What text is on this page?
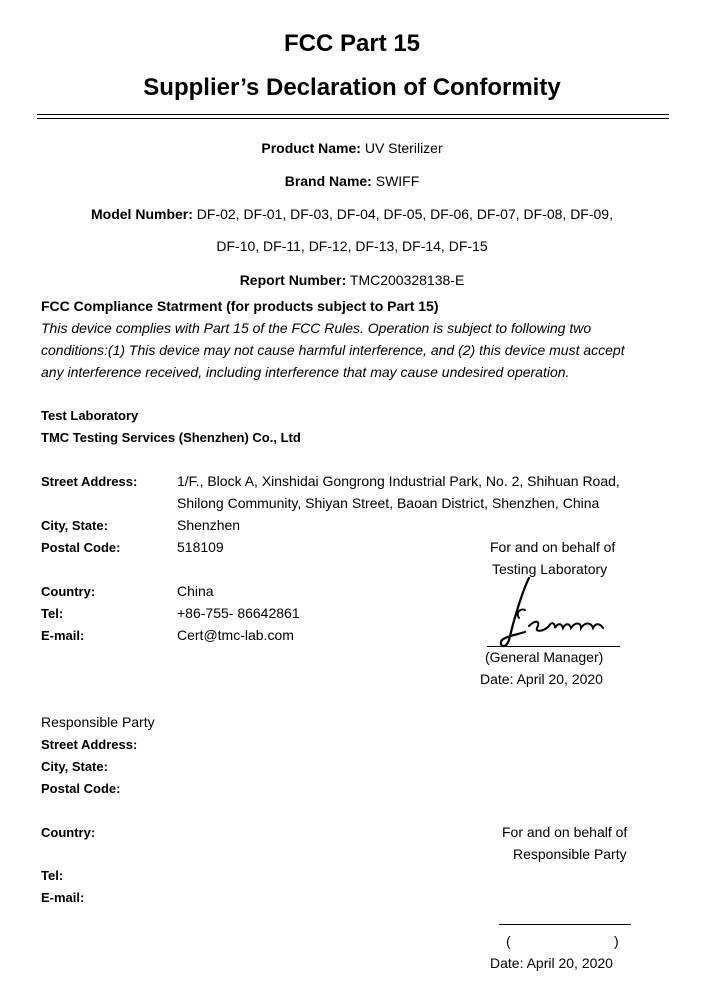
FCC Part 15
Supplier’s Declaration of Conformity
Product Name: UV Sterilizer
Brand Name: SWIFF
Model Number: DF-02, DF-01, DF-03, DF-04, DF-05, DF-06, DF-07, DF-08, DF-09,
DF-10, DF-11, DF-12, DF-13, DF-14, DF-15
Report Number: TMC200328138-E
FCC Compliance Statrment (for products subject to Part 15)
This device complies with Part 15 of the FCC Rules. Operation is subject to following two
conditions:(1) This device may not cause harmful interference, and (2) this device must accept
any interference received, including interference that may cause undesired operation.
Test Laboratory
TMC Testing Services (Shenzhen) Co., Ltd
Street Address:	1/F., Block A, Xinshidai Gongrong Industrial Park, No. 2, Shihuan Road,
Shilong Community, Shiyan Street, Baoan District, Shenzhen, China
City, State:	Shenzhen
Postal Code:	518109
Country:	China
Tel:	+86-755- 86642861
E-mail:	Cert@tmc-lab.com
For and on behalf of
Testing Laboratory
(General Manager)
Date: April 20, 2020
Responsible Party
Street Address:
City, State:
Postal Code:
Country:
Tel:
E-mail:
For and on behalf of
Responsible Party
(	)
Date: April 20, 2020
